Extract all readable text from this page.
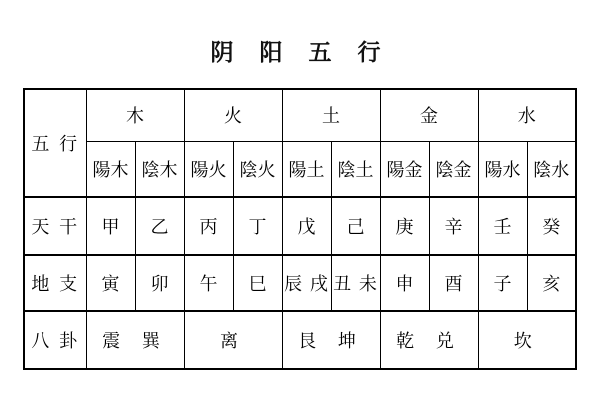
阴 阳 五 行
五 行	木		火		土		金		水	
	陽木	陰木	陽火	陰火	陽土	陰土	陽金	陰金	陽水	陰水
天 干	甲	乙	丙	丁	戊	己	庚	辛	壬	癸
地 支	寅	卯	午	巳	辰 戌	丑 未	申	酉	子	亥
八 卦	震 巽		离		艮 坤		乾 兑		坎	
